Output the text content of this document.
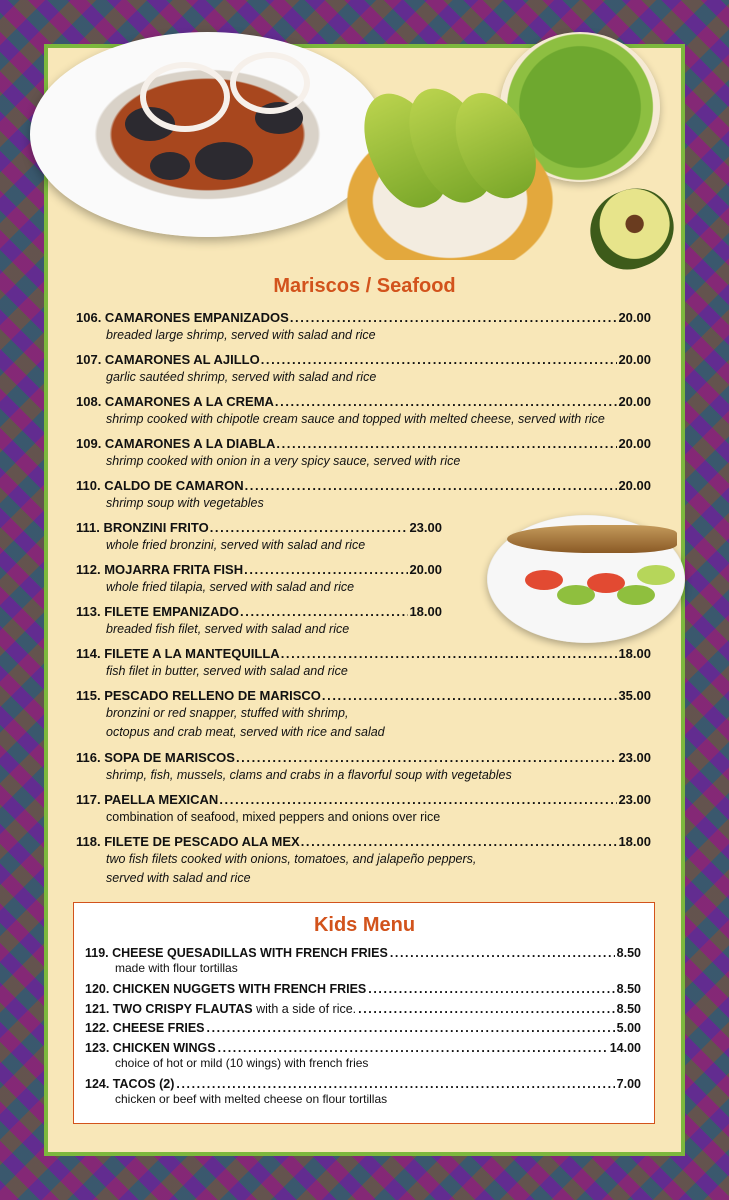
Mariscos / Seafood
106. CAMARONES EMPANIZADOS .....	20.00
breaded large shrimp, served with salad and rice
107. CAMARONES AL AJILLO .....	20.00
garlic sautéed shrimp, served with salad and rice
108. CAMARONES A LA CREMA .....	20.00
shrimp cooked with chipotle cream sauce and topped with melted cheese, served with rice
109. CAMARONES A LA DIABLA .....	20.00
shrimp cooked with onion in a very spicy sauce, served with rice
110. CALDO DE CAMARON .....	20.00
shrimp soup with vegetables
111. BRONZINI FRITO .....	23.00
whole fried bronzini, served with salad and rice
112. MOJARRA FRITA FISH .....	20.00
whole fried tilapia, served with salad and rice
113. FILETE EMPANIZADO .....	18.00
breaded fish filet, served with salad and rice
114. FILETE A LA MANTEQUILLA .....	18.00
fish filet in butter, served with salad and rice
115. PESCADO RELLENO DE MARISCO .....	35.00
bronzini or red snapper, stuffed with shrimp,
octopus and crab meat, served with rice and salad
116. SOPA DE MARISCOS .....	23.00
shrimp, fish, mussels, clams and crabs in a flavorful soup with vegetables
117. PAELLA MEXICAN .....	23.00
combination of seafood, mixed peppers and onions over rice
118. FILETE DE PESCADO ALA MEX .....	18.00
two fish filets cooked with onions, tomatoes, and jalapeño peppers,
served with salad and rice
Kids Menu
119. CHEESE QUESADILLAS WITH FRENCH FRIES .....	8.50
made with flour tortillas
120. CHICKEN NUGGETS WITH FRENCH FRIES .....	8.50
121. TWO CRISPY FLAUTAS with a side of rice. .....	8.50
122. CHEESE FRIES .....	5.00
123. CHICKEN WINGS .....	14.00
choice of hot or mild (10 wings) with french fries
124. TACOS (2) .....	7.00
chicken or beef with melted cheese on flour tortillas
